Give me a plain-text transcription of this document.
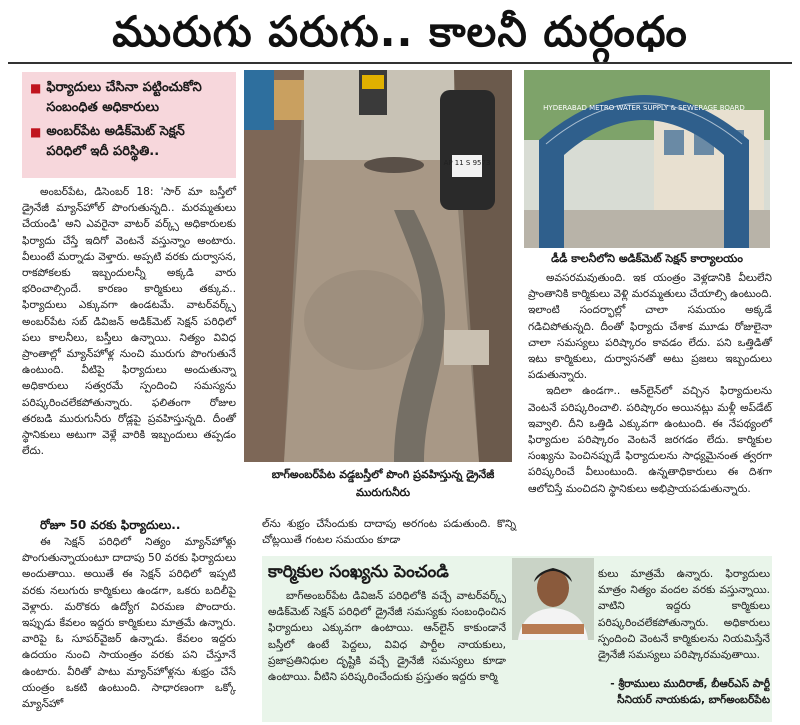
మురుగు పరుగు.. కాలనీ దుర్గంధం
■ ఫిర్యాదులు చేసినా పట్టించుకోని సంబంధిత అధికారులు
■ అంబర్‌పేట అడిక్‌మెట్ సెక్షన్ పరిధిలో ఇదీ పరిస్థితి..

అంబర్‌పేట, డిసెంబర్ 18: 'సార్ మా బస్తీలో డ్రైనేజీ మ్యాన్‌హోల్ పొంగుతున్నది.. మరమ్మతులు చేయండి' అని ఎవరైనా వాటర్ వర్క్స్ అధికారులకు ఫిర్యాదు చేస్తే ఇదిగో వెంటనే వస్తున్నాం అంటారు. వీలుంటే మర్నాడు వెళ్తారు. అప్పటి వరకు దుర్వాసన, రాకపోకలకు ఇబ్బందులన్నీ అక్కడి వారు భరించాల్సిందే. కారణం కార్మికులు తక్కువ.. ఫిర్యాదులు ఎక్కువగా ఉండటమే. వాటర్‌వర్క్స్ అంబర్‌పేట సబ్ డివిజన్ అడిక్‌మెట్ సెక్షన్ పరిధిలో పలు కాలనీలు, బస్తీలు ఉన్నాయి. నిత్యం వివిధ ప్రాంతాల్లో మ్యాన్‌హోళ్ల నుంచి మురుగు పొంగుతునే ఉంటుంది. వీటిపై ఫిర్యాదులు అందుతున్నా అధికారులు సత్వరమే స్పందించి సమస్యను పరిష్కరించలేకపోతున్నారు. ఫలితంగా రోజుల తరబడి మురుగునీరు రోడ్లపై ప్రవహిస్తున్నది. దీంతో స్థానికులు అటుగా వెళ్లే వారికి ఇబ్బందులు తప్పడం లేదు.

రోజూ 50 వరకు ఫిర్యాదులు..

ఈ సెక్షన్ పరిధిలో నిత్యం మ్యాన్‌హోళ్లు పొంగుతున్నాయంటూ దాదాపు 50 వరకు ఫిర్యాదులు అందుతాయి. అయితే ఈ సెక్షన్ పరిధిలో ఇప్పటి వరకు నలుగురు కార్మికులు ఉండగా, ఒకరు బదిలీపై వెళ్లారు. మరొకరు ఉద్యోగ విరమణ పొందారు. ఇప్పుడు కేవలం ఇద్దరు కార్మికులు మాత్రమే ఉన్నారు. వారిపై ఓ సూపర్‌వైజర్ ఉన్నాడు. కేవలం ఇద్దరు ఉదయం నుంచి సాయంత్రం వరకు పని చేస్తూనే ఉంటారు. వీరితో పాటు మ్యాన్‌హోళ్లను శుభ్రం చేసే యంత్రం ఒకటి ఉంటుంది. సాధారణంగా ఒక్కో మ్యాన్‌హో

AP 11 S 9573
బాగ్‌అంబర్‌పేట వడ్డబస్తీలో పొంగి ప్రవహిస్తున్న డ్రైనేజీ మురుగునీరు
HYDERABAD METRO WATER SUPPLY & SEWERAGE BOARD
డీడీ కాలనీలోని అడిక్‌మెట్ సెక్షన్ కార్యాలయం

అవసరమవుతుంది. ఇక యంత్రం వెళ్లడానికి వీలులేని ప్రాంతానికి కార్మికులు వెళ్లి మరమ్మతులు చేయాల్సి ఉంటుంది. ఇలాంటి సందర్భాల్లో చాలా సమయం అక్కడే గడిచిపోతున్నది. దీంతో ఫిర్యాదు చేశాక మూడు రోజులైనా చాలా సమస్యలు పరిష్కారం కావడం లేదు. పని ఒత్తిడితో ఇటు కార్మికులు, దుర్వాసనతో అటు ప్రజలు ఇబ్బందులు పడుతున్నారు.

ఇదిలా ఉండగా.. ఆన్‌లైన్‌లో వచ్చిన ఫిర్యాదులను వెంటనే పరిష్కరించాలి. పరిష్కారం అయినట్లు మళ్లీ అప్‌డేట్ ఇవ్వాలి. దీని ఒత్తిడి ఎక్కువగా ఉంటుంది. ఈ నేపథ్యంలో ఫిర్యాదుల పరిష్కారం వెంటనే జరగడం లేదు. కార్మికుల సంఖ్యను పెంచినప్పుడే ఫిర్యాదులను సాధ్యమైనంత త్వరగా పరిష్కరించే వీలుంటుంది. ఉన్నతాధికారులు ఈ దిశగా ఆలోచిస్తే మంచిదని స్థానికులు అభిప్రాయపడుతున్నారు.

ల్‌ను శుభ్రం చేసేందుకు దాదాపు అరగంట పడుతుంది. కొన్ని చోట్లయితే గంటల సమయం కూడా

కార్మికుల సంఖ్యను పెంచండి

బాగ్‌అంబర్‌పేట డివిజన్ పరిధిలోకి వచ్చే వాటర్‌వర్క్స్ అడిక్‌మెట్ సెక్షన్ పరిధిలో డ్రైనేజీ సమస్యకు సంబంధించిన ఫిర్యాదులు ఎక్కువగా ఉంటాయి. ఆన్‌లైన్ కాకుండానే బస్తీలో ఉంటే పెద్దలు, వివిధ పార్టీల నాయకులు, ప్రజాప్రతినిధుల దృష్టికి వచ్చే డ్రైనేజీ సమస్యలు కూడా ఉంటాయి. వీటిని పరిష్కరించేందుకు ప్రస్తుతం ఇద్దరు కార్మి

కులు మాత్రమే ఉన్నారు. ఫిర్యాదులు మాత్రం నిత్యం వందల వరకు వస్తున్నాయి. వాటిని ఇద్దరు కార్మికులు పరిష్కరించలేకపోతున్నారు. అధికారులు స్పందించి వెంటనే కార్మికులను నియమిస్తేనే డ్రైనేజీ సమస్యలు పరిష్కారమవుతాయి.

- శ్రీరాములు ముదిరాజ్, బీఆర్‌ఎస్ పార్టీ సీనియర్ నాయకుడు, బాగ్‌అంబర్‌పేట
